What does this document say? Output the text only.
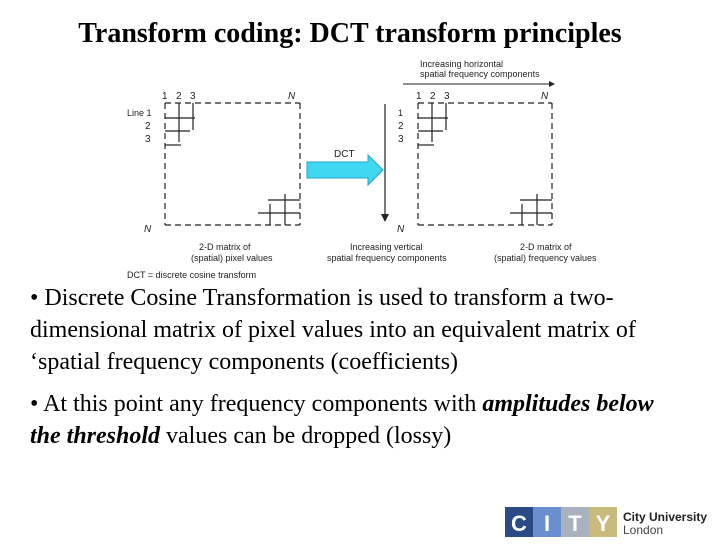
Transform coding: DCT transform principles
Increasing horizontal
spatial frequency components
1 2 3	N
Line 1
2
3
N
2-D matrix of
(spatial) pixel values
DCT
1 2 3	N
1
2
3
N
2-D matrix of
(spatial) frequency values
Increasing vertical
spatial frequency components
DCT = discrete cosine transform

• Discrete Cosine Transformation is used to transform a two-dimensional matrix of pixel values into an equivalent matrix of ‘spatial frequency components (coefficients)

• At this point any frequency components with amplitudes below the threshold values can be dropped (lossy)

C I T Y City University
London
